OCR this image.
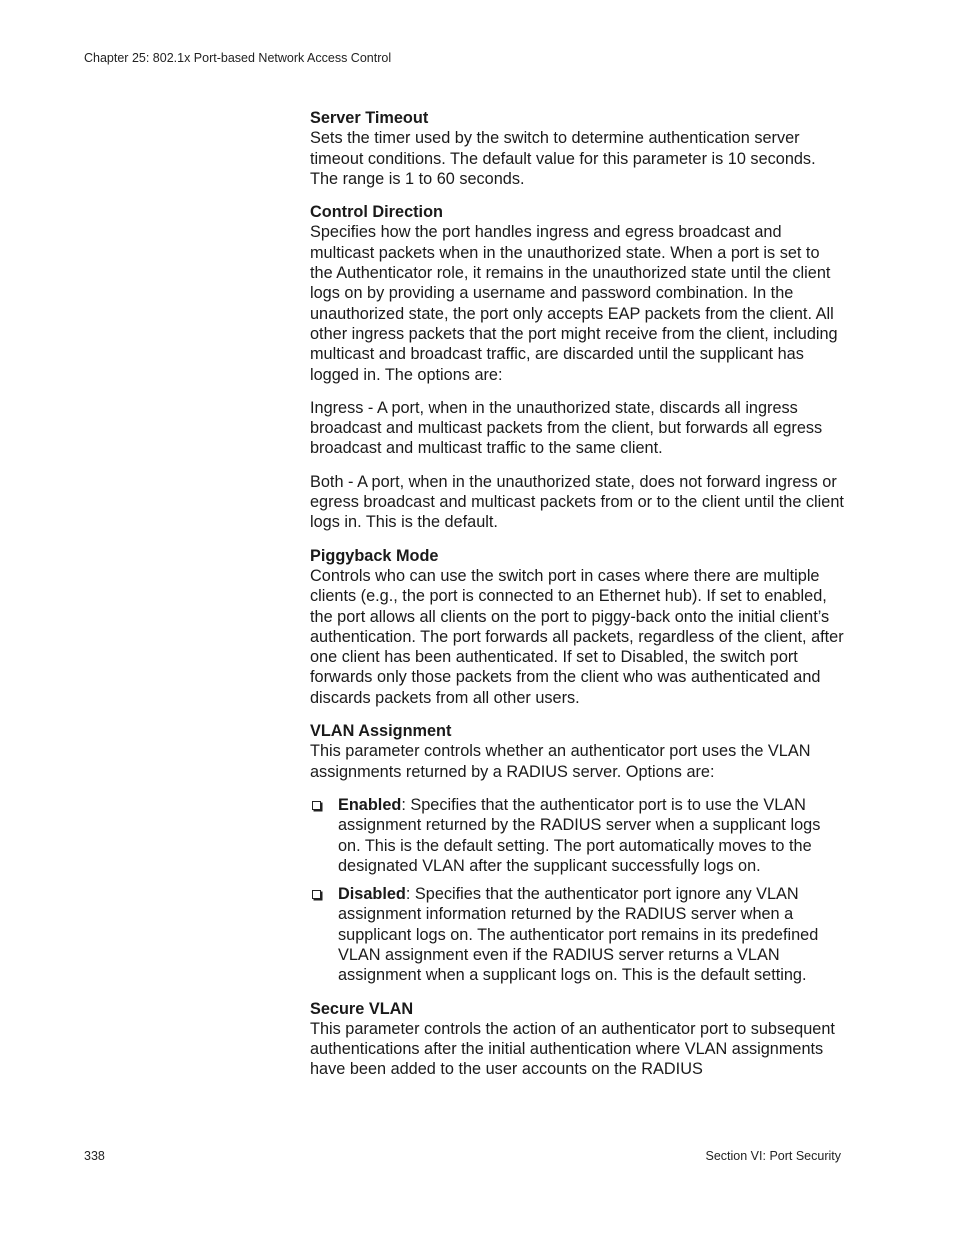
Chapter 25: 802.1x Port-based Network Access Control
Server Timeout
Sets the timer used by the switch to determine authentication server timeout conditions. The default value for this parameter is 10 seconds. The range is 1 to 60 seconds.
Control Direction
Specifies how the port handles ingress and egress broadcast and multicast packets when in the unauthorized state. When a port is set to the Authenticator role, it remains in the unauthorized state until the client logs on by providing a username and password combination. In the unauthorized state, the port only accepts EAP packets from the client. All other ingress packets that the port might receive from the client, including multicast and broadcast traffic, are discarded until the supplicant has logged in. The options are:
Ingress - A port, when in the unauthorized state, discards all ingress broadcast and multicast packets from the client, but forwards all egress broadcast and multicast traffic to the same client.
Both - A port, when in the unauthorized state, does not forward ingress or egress broadcast and multicast packets from or to the client until the client logs in. This is the default.
Piggyback Mode
Controls who can use the switch port in cases where there are multiple clients (e.g., the port is connected to an Ethernet hub). If set to enabled, the port allows all clients on the port to piggy-back onto the initial client’s authentication. The port forwards all packets, regardless of the client, after one client has been authenticated. If set to Disabled, the switch port forwards only those packets from the client who was authenticated and discards packets from all other users.
VLAN Assignment
This parameter controls whether an authenticator port uses the VLAN assignments returned by a RADIUS server. Options are:
Enabled: Specifies that the authenticator port is to use the VLAN assignment returned by the RADIUS server when a supplicant logs on. This is the default setting. The port automatically moves to the designated VLAN after the supplicant successfully logs on.
Disabled: Specifies that the authenticator port ignore any VLAN assignment information returned by the RADIUS server when a supplicant logs on. The authenticator port remains in its predefined VLAN assignment even if the RADIUS server returns a VLAN assignment when a supplicant logs on. This is the default setting.
Secure VLAN
This parameter controls the action of an authenticator port to subsequent authentications after the initial authentication where VLAN assignments have been added to the user accounts on the RADIUS
338	Section VI: Port Security
